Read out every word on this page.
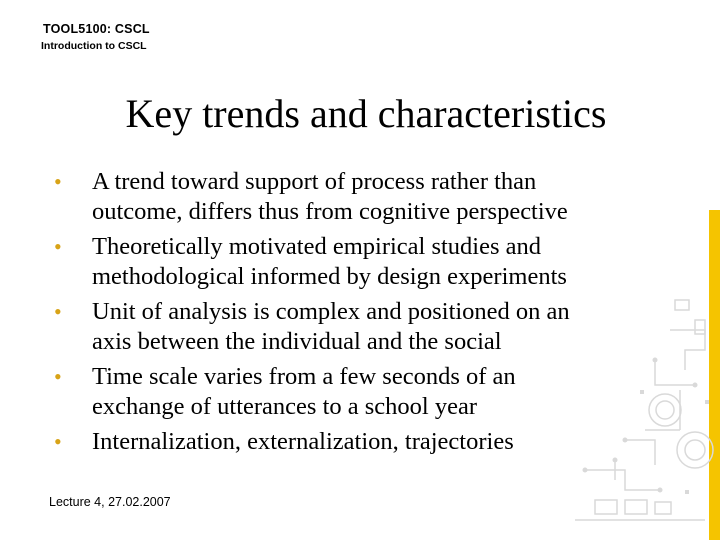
TOOL5100: CSCL
Introduction to CSCL
Key trends and characteristics
• A trend toward support of process rather than
outcome, differs thus from cognitive perspective
• Theoretically motivated empirical studies and
methodological informed by design experiments
• Unit of analysis is complex and positioned on an
axis between the individual and the social
• Time scale varies from a few seconds of an
exchange of utterances to a school year
• Internalization, externalization, trajectories
Lecture 4, 27.02.2007
